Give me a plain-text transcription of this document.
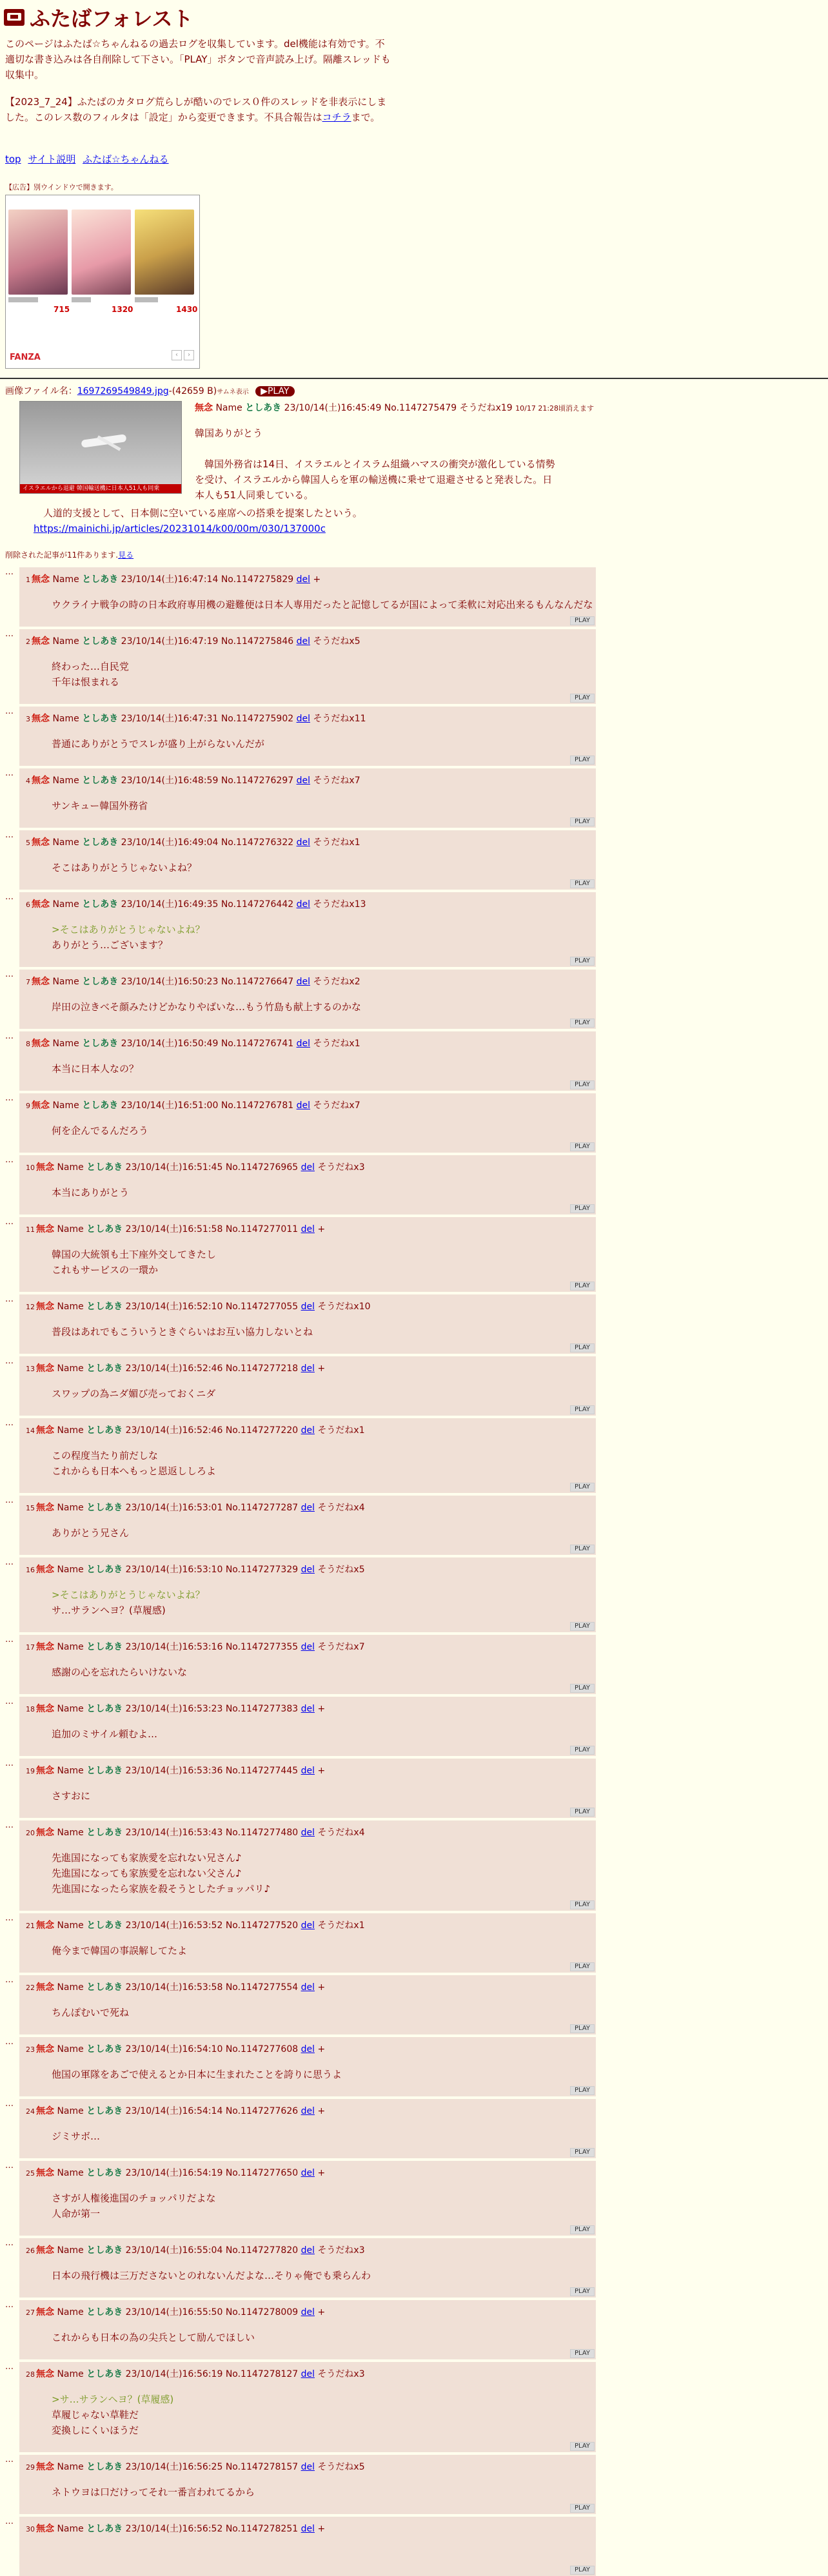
ふたばフォレスト
このページはふたば☆ちゃんねるの過去ログを収集しています。del機能は有効です。不適切な書き込みは各自削除して下さい。「PLAY」ボタンで音声読み上げ。隔離スレッドも収集中。
【2023_7_24】ふたばのカタログ荒らしが酷いのでレス０件のスレッドを非表示にしました。このレス数のフィルタは「設定」から変更できます。不具合報告はコチラまで。
top サイト説明 ふたば☆ちゃんねる
【広告】別ウインドウで開きます。
715	1320	1430
FANZA	‹	›
画像ファイル名：1697269549849.jpg-(42659 B)サムネ表示 ▶PLAY
イスラエルから退避 韓国輸送機に日本人51人も同乗
無念 Name としあき 23/10/14(土)16:45:49 No.1147275479 そうだねx19 10/17 21:28頃消えます
韓国ありがとう
韓国外務省は14日、イスラエルとイスラム組織ハマスの衝突が激化している情勢を受け、イスラエルから韓国人らを軍の輸送機に乗せて退避させると発表した。日本人も51人同乗している。
人道的支援として、日本側に空いている座席への搭乗を提案したという。
https://mainichi.jp/articles/20231014/k00/00m/030/137000c
削除された記事が11件あります.見る
…
1 無念 Name としあき 23/10/14(土)16:47:14 No.1147275829 del +
ウクライナ戦争の時の日本政府専用機の避難便は日本人専用だったと記憶してるが国によって柔軟に対応出来るもんなんだな
PLAY
…
2 無念 Name としあき 23/10/14(土)16:47:19 No.1147275846 del そうだねx5
終わった…自民党
千年は恨まれる
PLAY
…
3 無念 Name としあき 23/10/14(土)16:47:31 No.1147275902 del そうだねx11
普通にありがとうでスレが盛り上がらないんだが
PLAY
…
4 無念 Name としあき 23/10/14(土)16:48:59 No.1147276297 del そうだねx7
サンキュー韓国外務省
PLAY
…
5 無念 Name としあき 23/10/14(土)16:49:04 No.1147276322 del そうだねx1
そこはありがとうじゃないよね？
PLAY
…
6 無念 Name としあき 23/10/14(土)16:49:35 No.1147276442 del そうだねx13
>そこはありがとうじゃないよね？
ありがとう…ございます？
PLAY
…
7 無念 Name としあき 23/10/14(土)16:50:23 No.1147276647 del そうだねx2
岸田の泣きべそ顔みたけどかなりやばいな…もう竹島も献上するのかな
PLAY
…
8 無念 Name としあき 23/10/14(土)16:50:49 No.1147276741 del そうだねx1
本当に日本人なの？
PLAY
…
9 無念 Name としあき 23/10/14(土)16:51:00 No.1147276781 del そうだねx7
何を企んでるんだろう
PLAY
…
10 無念 Name としあき 23/10/14(土)16:51:45 No.1147276965 del そうだねx3
本当にありがとう
PLAY
…
11 無念 Name としあき 23/10/14(土)16:51:58 No.1147277011 del +
韓国の大統領も土下座外交してきたし
これもサービスの一環か
PLAY
…
12 無念 Name としあき 23/10/14(土)16:52:10 No.1147277055 del そうだねx10
普段はあれでもこういうときぐらいはお互い協力しないとね
PLAY
…
13 無念 Name としあき 23/10/14(土)16:52:46 No.1147277218 del +
スワップの為ニダ媚び売っておくニダ
PLAY
…
14 無念 Name としあき 23/10/14(土)16:52:46 No.1147277220 del そうだねx1
この程度当たり前だしな
これからも日本へもっと恩返ししろよ
PLAY
…
15 無念 Name としあき 23/10/14(土)16:53:01 No.1147277287 del そうだねx4
ありがとう兄さん
PLAY
…
16 無念 Name としあき 23/10/14(土)16:53:10 No.1147277329 del そうだねx5
>そこはありがとうじゃないよね？
サ…サランヘヨ？(草履感)
PLAY
…
17 無念 Name としあき 23/10/14(土)16:53:16 No.1147277355 del そうだねx7
感謝の心を忘れたらいけないな
PLAY
…
18 無念 Name としあき 23/10/14(土)16:53:23 No.1147277383 del +
追加のミサイル頼むよ…
PLAY
…
19 無念 Name としあき 23/10/14(土)16:53:36 No.1147277445 del +
さすおに
PLAY
…
20 無念 Name としあき 23/10/14(土)16:53:43 No.1147277480 del そうだねx4
先進国になっても家族愛を忘れない兄さん♪
先進国になっても家族愛を忘れない父さん♪
先進国になったら家族を殺そうとしたチョッパリ♪
PLAY
…
21 無念 Name としあき 23/10/14(土)16:53:52 No.1147277520 del そうだねx1
俺今まで韓国の事誤解してたよ
PLAY
…
22 無念 Name としあき 23/10/14(土)16:53:58 No.1147277554 del +
ちんぽむいで死ね
PLAY
…
23 無念 Name としあき 23/10/14(土)16:54:10 No.1147277608 del +
他国の軍隊をあごで使えるとか日本に生まれたことを誇りに思うよ
PLAY
…
24 無念 Name としあき 23/10/14(土)16:54:14 No.1147277626 del +
ジミサボ…
PLAY
…
25 無念 Name としあき 23/10/14(土)16:54:19 No.1147277650 del +
さすが人権後進国のチョッパリだよな
人命が第一
PLAY
…
26 無念 Name としあき 23/10/14(土)16:55:04 No.1147277820 del そうだねx3
日本の飛行機は三万ださないとのれないんだよな…そりゃ俺でも乗らんわ
PLAY
…
27 無念 Name としあき 23/10/14(土)16:55:50 No.1147278009 del +
これからも日本の為の尖兵として励んでほしい
PLAY
…
28 無念 Name としあき 23/10/14(土)16:56:19 No.1147278127 del そうだねx3
>サ…サランヘヨ？(草履感)
草履じゃない草鞋だ
変換しにくいほうだ
PLAY
…
29 無念 Name としあき 23/10/14(土)16:56:25 No.1147278157 del そうだねx5
ネトウヨは口だけってそれ一番言われてるから
PLAY
…
30 無念 Name としあき 23/10/14(土)16:56:52 No.1147278251 del +
PLAY
